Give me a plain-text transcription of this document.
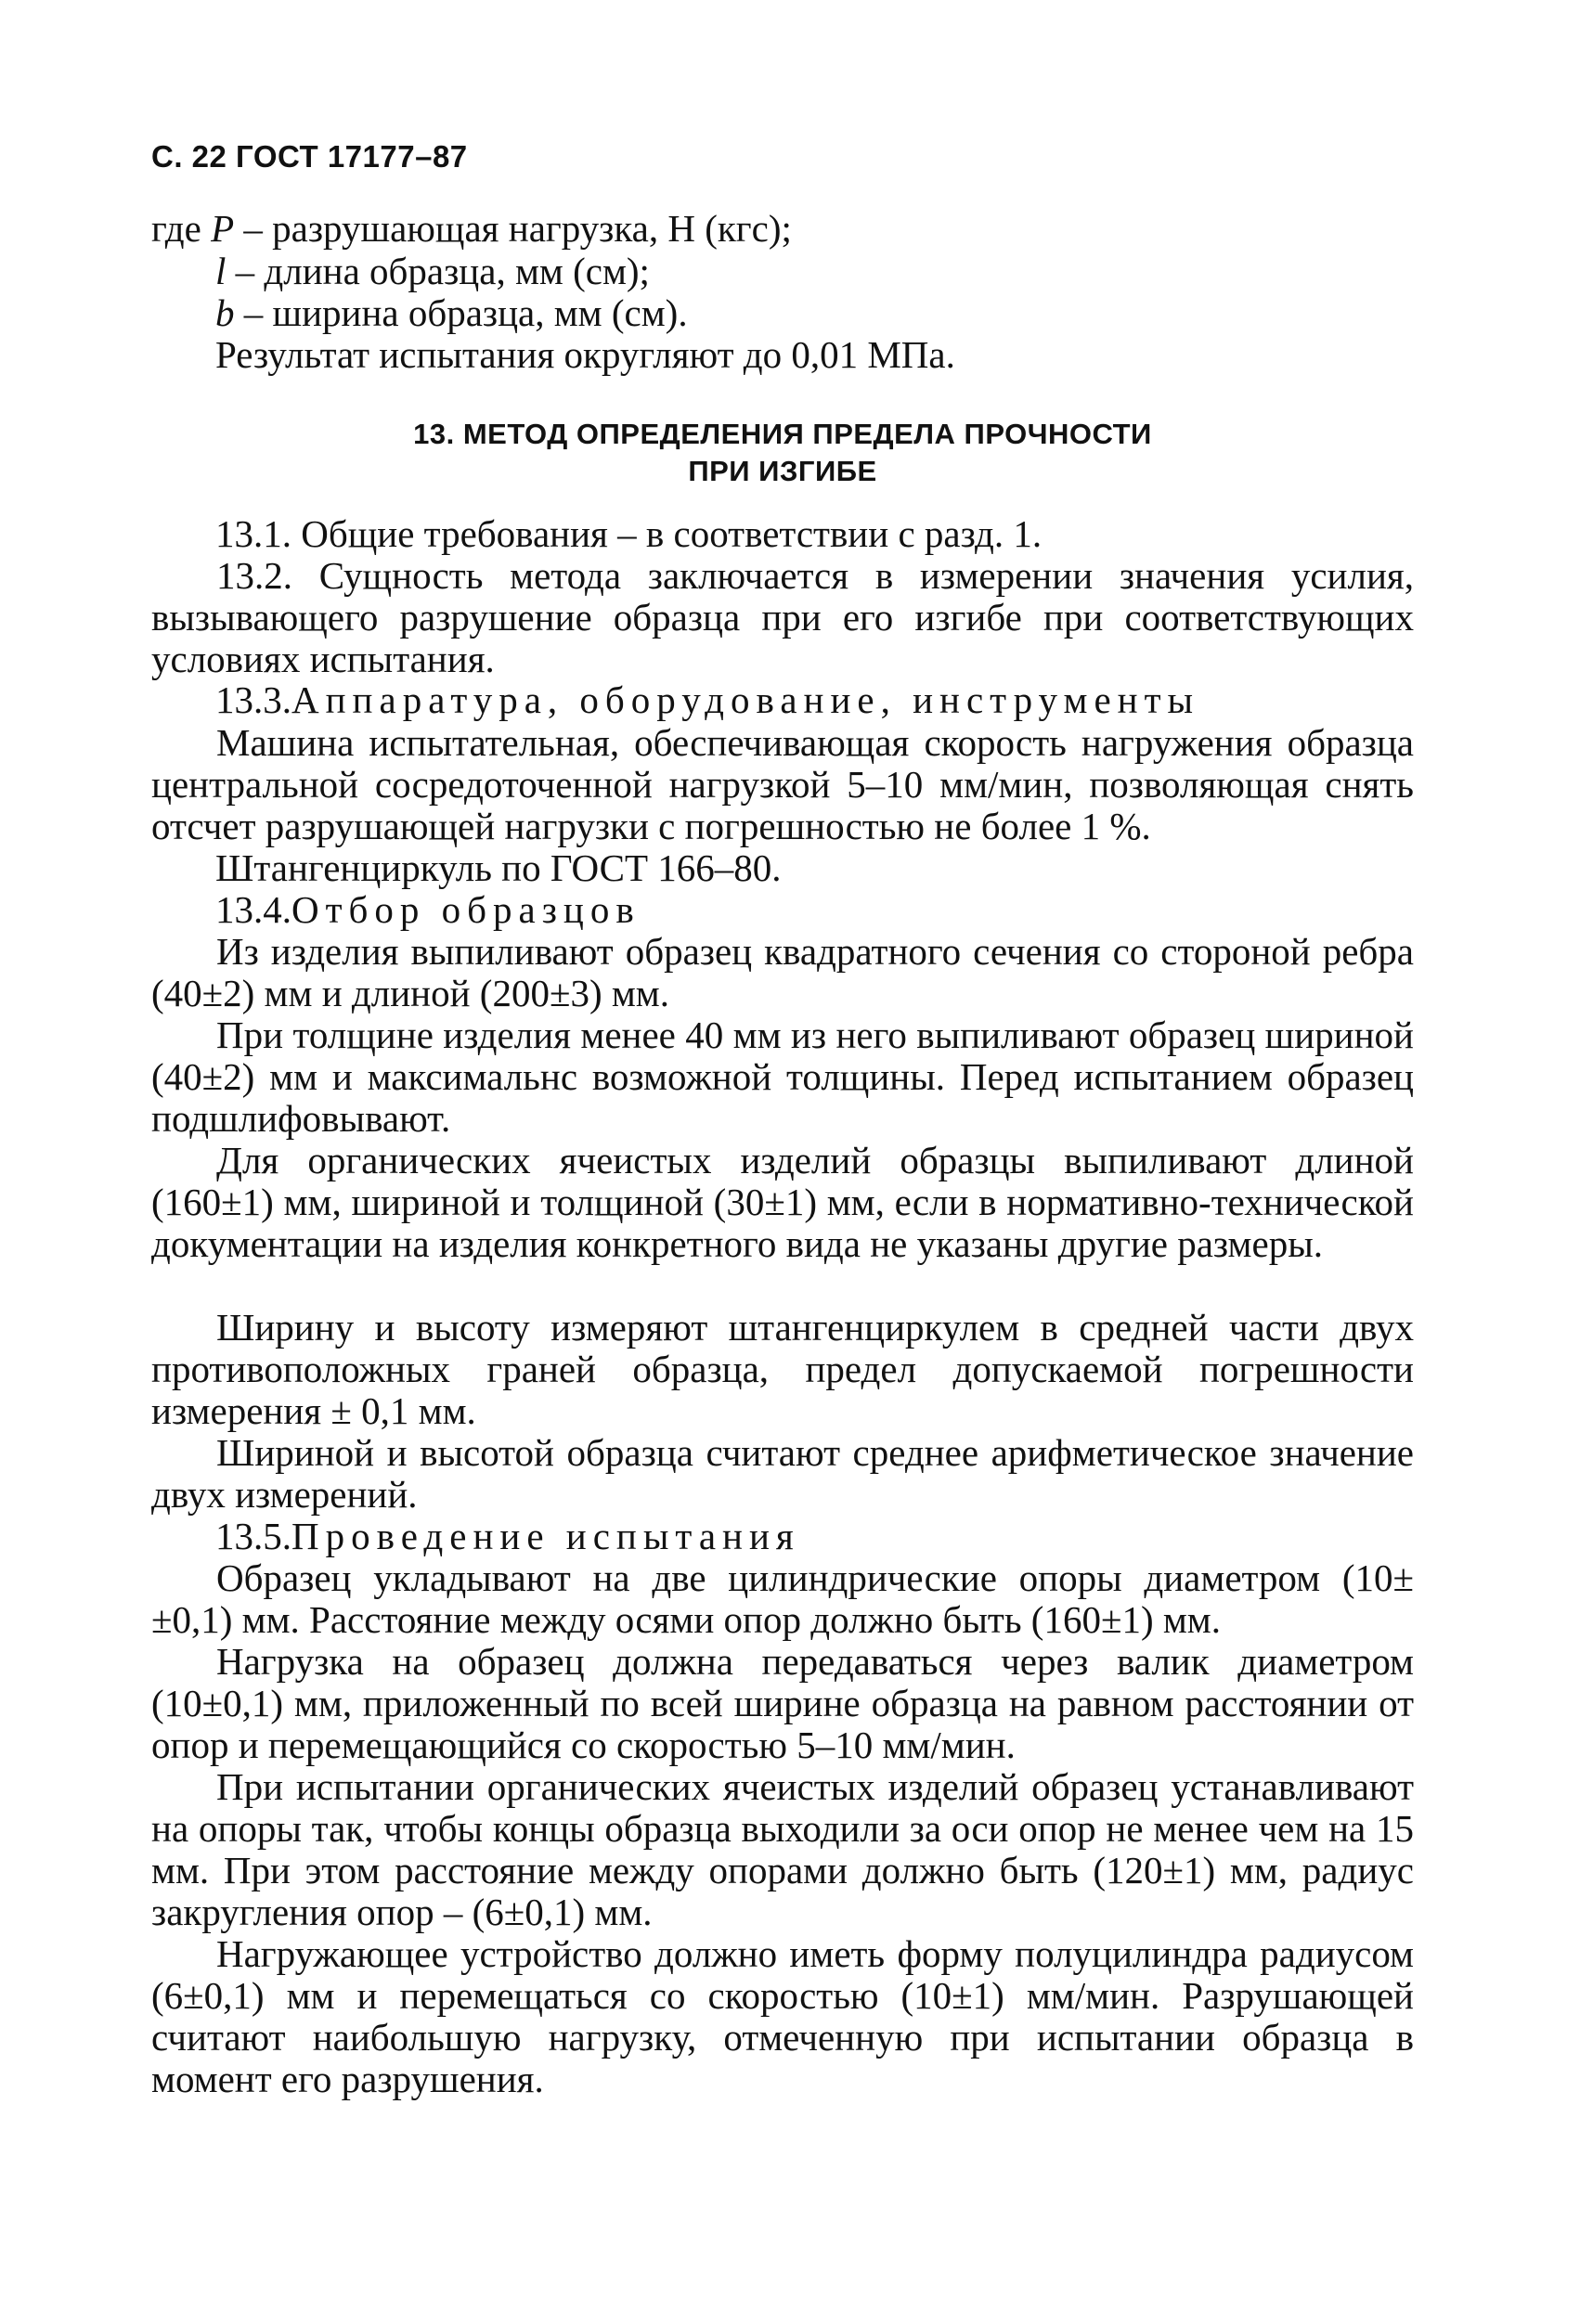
С. 22 ГОСТ 17177–87
где P – разрушающая нагрузка, Н (кгс);
l – длина образца, мм (см);
b – ширина образца, мм (см).
Результат испытания округляют до 0,01 МПа.
13. МЕТОД ОПРЕДЕЛЕНИЯ ПРЕДЕЛА ПРОЧНОСТИ
ПРИ ИЗГИБЕ
13.1. Общие требования – в соответствии с разд. 1.
13.2. Сущность метода заключается в измерении значения усилия, вызывающего разрушение образца при его изгибе при соответствующих условиях испытания.
13.3.Аппаратура, оборудование, инструменты
Машина испытательная, обеспечивающая скорость нагружения образца центральной сосредоточенной нагрузкой 5–10 мм/мин, позволяющая снять отсчет разрушающей нагрузки с погрешностью не более 1 %.
Штангенциркуль по ГОСТ 166–80.
13.4.Отбор образцов
Из изделия выпиливают образец квадратного сечения со стороной ребра (40±2) мм и длиной (200±3) мм.
При толщине изделия менее 40 мм из него выпиливают образец шириной (40±2) мм и максимальнс возможной толщины. Перед испытанием образец подшлифовывают.
Для органических ячеистых изделий образцы выпиливают длиной (160±1) мм, шириной и толщиной (30±1) мм, если в нормативно-технической документации на изделия конкретного вида не указаны другие размеры.
Ширину и высоту измеряют штангенциркулем в средней части двух противоположных граней образца, предел допускаемой погрешности измерения ± 0,1 мм.
Шириной и высотой образца считают среднее арифметическое значение двух измерений.
13.5.Проведение испытания
Образец укладывают на две цилиндрические опоры диаметром (10± ±0,1) мм. Расстояние между осями опор должно быть (160±1) мм.
Нагрузка на образец должна передаваться через валик диаметром (10±0,1) мм, приложенный по всей ширине образца на равном расстоянии от опор и перемещающийся со скоростью 5–10 мм/мин.
При испытании органических ячеистых изделий образец устанавливают на опоры так, чтобы концы образца выходили за оси опор не менее чем на 15 мм. При этом расстояние между опорами должно быть (120±1) мм, радиус закругления опор – (6±0,1) мм.
Нагружающее устройство должно иметь форму полуцилиндра радиусом (6±0,1) мм и перемещаться со скоростью (10±1) мм/мин. Разрушающей считают наибольшую нагрузку, отмеченную при испытании образца в момент его разрушения.
